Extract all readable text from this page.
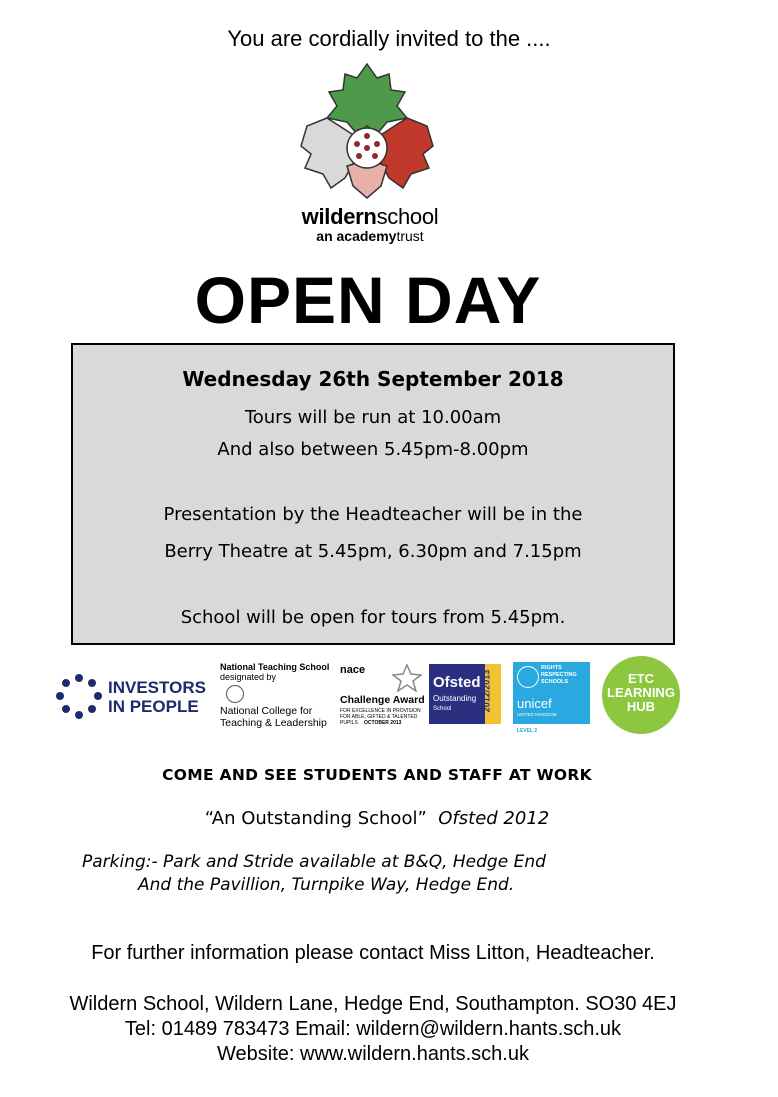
You are cordially invited to the ....
wildernschool
an academytrust
OPEN DAY
Wednesday 26th September 2018
Tours will be run at 10.00am
And also between 5.45pm-8.00pm
Presentation by the Headteacher will be in the
Berry Theatre at 5.45pm, 6.30pm and 7.15pm
School will be open for tours from 5.45pm.
INVESTORS
IN PEOPLE
National Teaching School
designated by
National College for
Teaching & Leadership
nace
Challenge Award
FOR EXCELLENCE IN PROVISION FOR ABLE, GIFTED & TALENTED PUPILS	OCTOBER 2013
Ofsted
Outstanding
School	2012/2013
RIGHTS
RESPECTING
SCHOOLS
unicef
UNITED KINGDOM
LEVEL 2
ETC
LEARNING
HUB
COME AND SEE STUDENTS AND STAFF AT WORK
“An Outstanding School” Ofsted 2012
Parking:- Park and Stride available at B&Q, Hedge End
And the Pavillion, Turnpike Way, Hedge End.
For further information please contact Miss Litton, Headteacher.
Wildern School, Wildern Lane, Hedge End, Southampton. SO30 4EJ
Tel: 01489 783473 Email: wildern@wildern.hants.sch.uk
Website: www.wildern.hants.sch.uk
